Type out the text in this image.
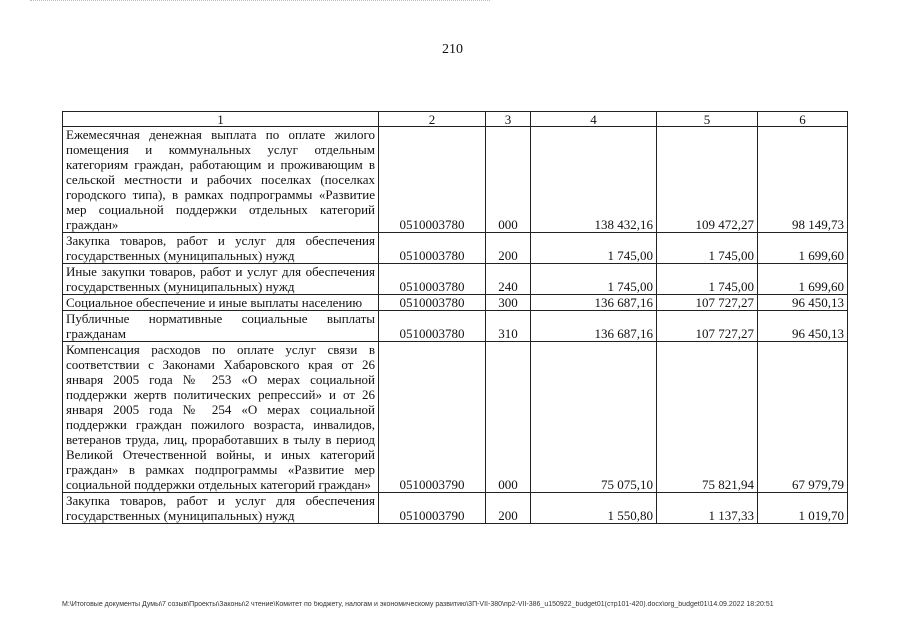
210
1	2	3	4	5	6
Ежемесячная денежная выплата по оплате жилого помещения и коммунальных услуг отдельным категориям граждан, работающим и проживающим в сельской местности и рабочих поселках (поселках городского типа), в рамках подпрограммы «Развитие мер социальной поддержки отдельных категорий граждан»	0510003780	000	138 432,16	109 472,27	98 149,73
Закупка товаров, работ и услуг для обеспечения государственных (муниципальных) нужд	0510003780	200	1 745,00	1 745,00	1 699,60
Иные закупки товаров, работ и услуг для обеспечения государственных (муниципальных) нужд	0510003780	240	1 745,00	1 745,00	1 699,60
Социальное обеспечение и иные выплаты населению	0510003780	300	136 687,16	107 727,27	96 450,13
Публичные нормативные социальные выплаты гражданам	0510003780	310	136 687,16	107 727,27	96 450,13
Компенсация расходов по оплате услуг связи в соответствии с Законами Хабаровского края от 26 января 2005 года № 253 «О мерах социальной поддержки жертв политических репрессий» и от 26 января 2005 года № 254 «О мерах социальной поддержки граждан пожилого возраста, инвалидов, ветеранов труда, лиц, проработавших в тылу в период Великой Отечественной войны, и иных категорий граждан» в рамках подпрограммы «Развитие мер социальной поддержки отдельных категорий граждан»	0510003790	000	75 075,10	75 821,94	67 979,79
Закупка товаров, работ и услуг для обеспечения государственных (муниципальных) нужд	0510003790	200	1 550,80	1 137,33	1 019,70
M:\Итоговые документы Думы\7 созыв\Проекты\Законы\2 чтение\Комитет по бюджету, налогам и экономическому развитию\3П-VII-380\пр2-VII-386_u150922_budget01(стр101-420).docx\org_budget01\14.09.2022 18:20:51
